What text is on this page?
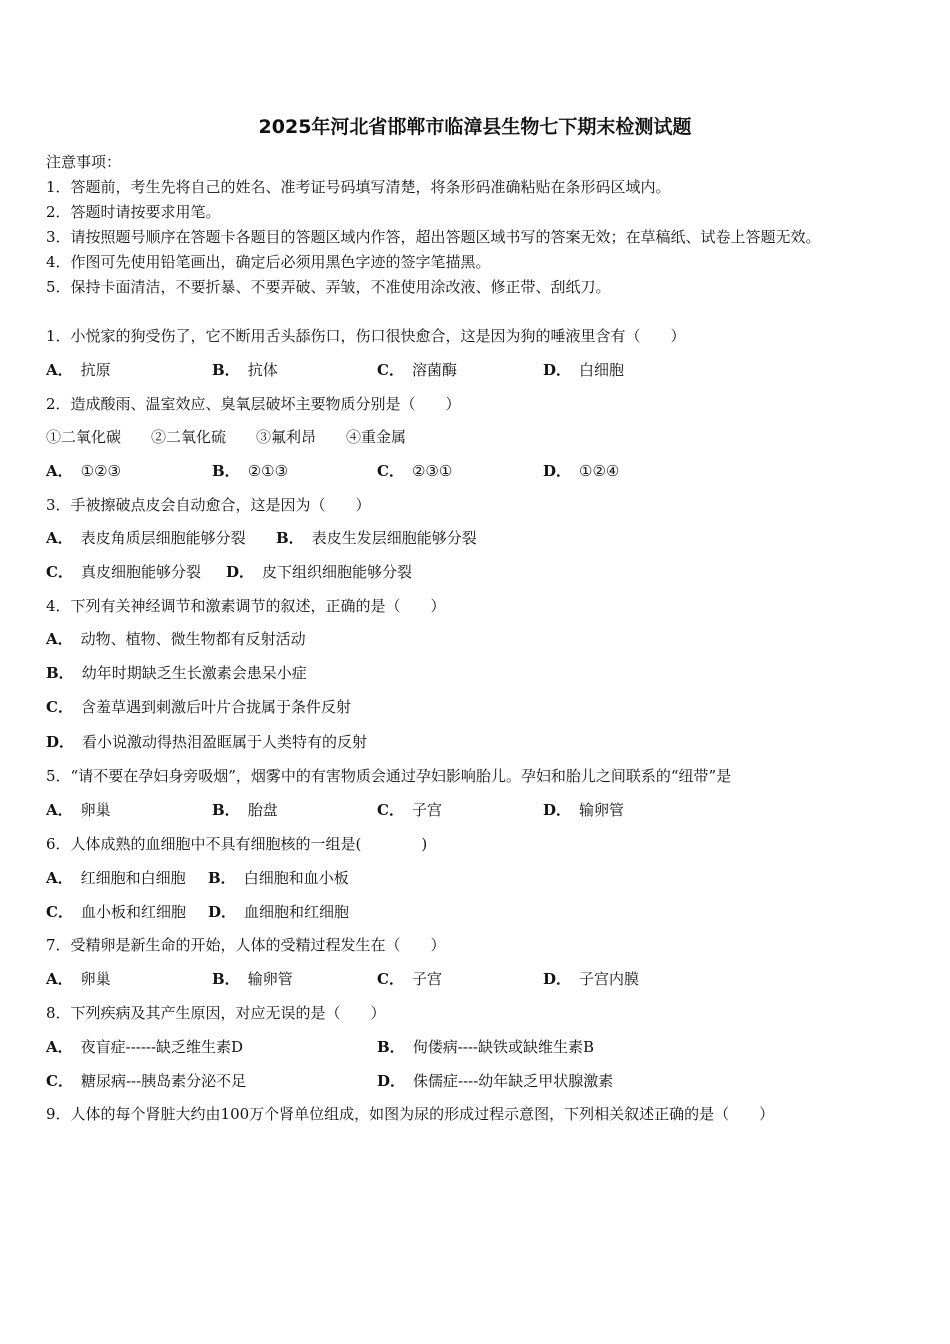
2025年河北省邯郸市临漳县生物七下期末检测试题
注意事项：
1．答题前，考生先将自己的姓名、准考证号码填写清楚，将条形码准确粘贴在条形码区域内。
2．答题时请按要求用笔。
3．请按照题号顺序在答题卡各题目的答题区域内作答，超出答题区域书写的答案无效；在草稿纸、试卷上答题无效。
4．作图可先使用铅笔画出，确定后必须用黑色字迹的签字笔描黑。
5．保持卡面清洁，不要折暴、不要弄破、弄皱，不准使用涂改液、修正带、刮纸刀。
1．小悦家的狗受伤了，它不断用舌头舔伤口，伤口很快愈合，这是因为狗的唾液里含有（　　）
A． 抗原	B． 抗体	C． 溶菌酶	D． 白细胞
2．造成酸雨、温室效应、臭氧层破坏主要物质分别是（　　）
①二氧化碳　　②二氧化硫　　③氟利昂　　④重金属
A． ①②③	B． ②①③	C． ②③①	D． ①②④
3．手被擦破点皮会自动愈合，这是因为（　　）
A． 表皮角质层细胞能够分裂 B． 表皮生发层细胞能够分裂
C． 真皮细胞能够分裂 D． 皮下组织细胞能够分裂
4．下列有关神经调节和激素调节的叙述，正确的是（　　）
A． 动物、植物、微生物都有反射活动
B． 幼年时期缺乏生长激素会患呆小症
C． 含羞草遇到刺激后叶片合拢属于条件反射
D． 看小说激动得热泪盈眶属于人类特有的反射
5．“请不要在孕妇身旁吸烟”，烟雾中的有害物质会通过孕妇影响胎儿。孕妇和胎儿之间联系的“纽带”是
A． 卵巢	B． 胎盘	C． 子宫	D． 输卵管
6．人体成熟的血细胞中不具有细胞核的一组是(　　　　)
A． 红细胞和白细胞 B． 白细胞和血小板
C． 血小板和红细胞 D． 血细胞和红细胞
7．受精卵是新生命的开始，人体的受精过程发生在（　　）
A． 卵巢	B． 输卵管	C． 子宫	D． 子宫内膜
8．下列疾病及其产生原因，对应无误的是（　　）
A． 夜盲症------缺乏维生素D	B． 佝偻病----缺铁或缺维生素B
C． 糖尿病---胰岛素分泌不足	D． 侏儒症----幼年缺乏甲状腺激素
9．人体的每个肾脏大约由100万个肾单位组成，如图为尿的形成过程示意图，下列相关叙述正确的是（　　）
